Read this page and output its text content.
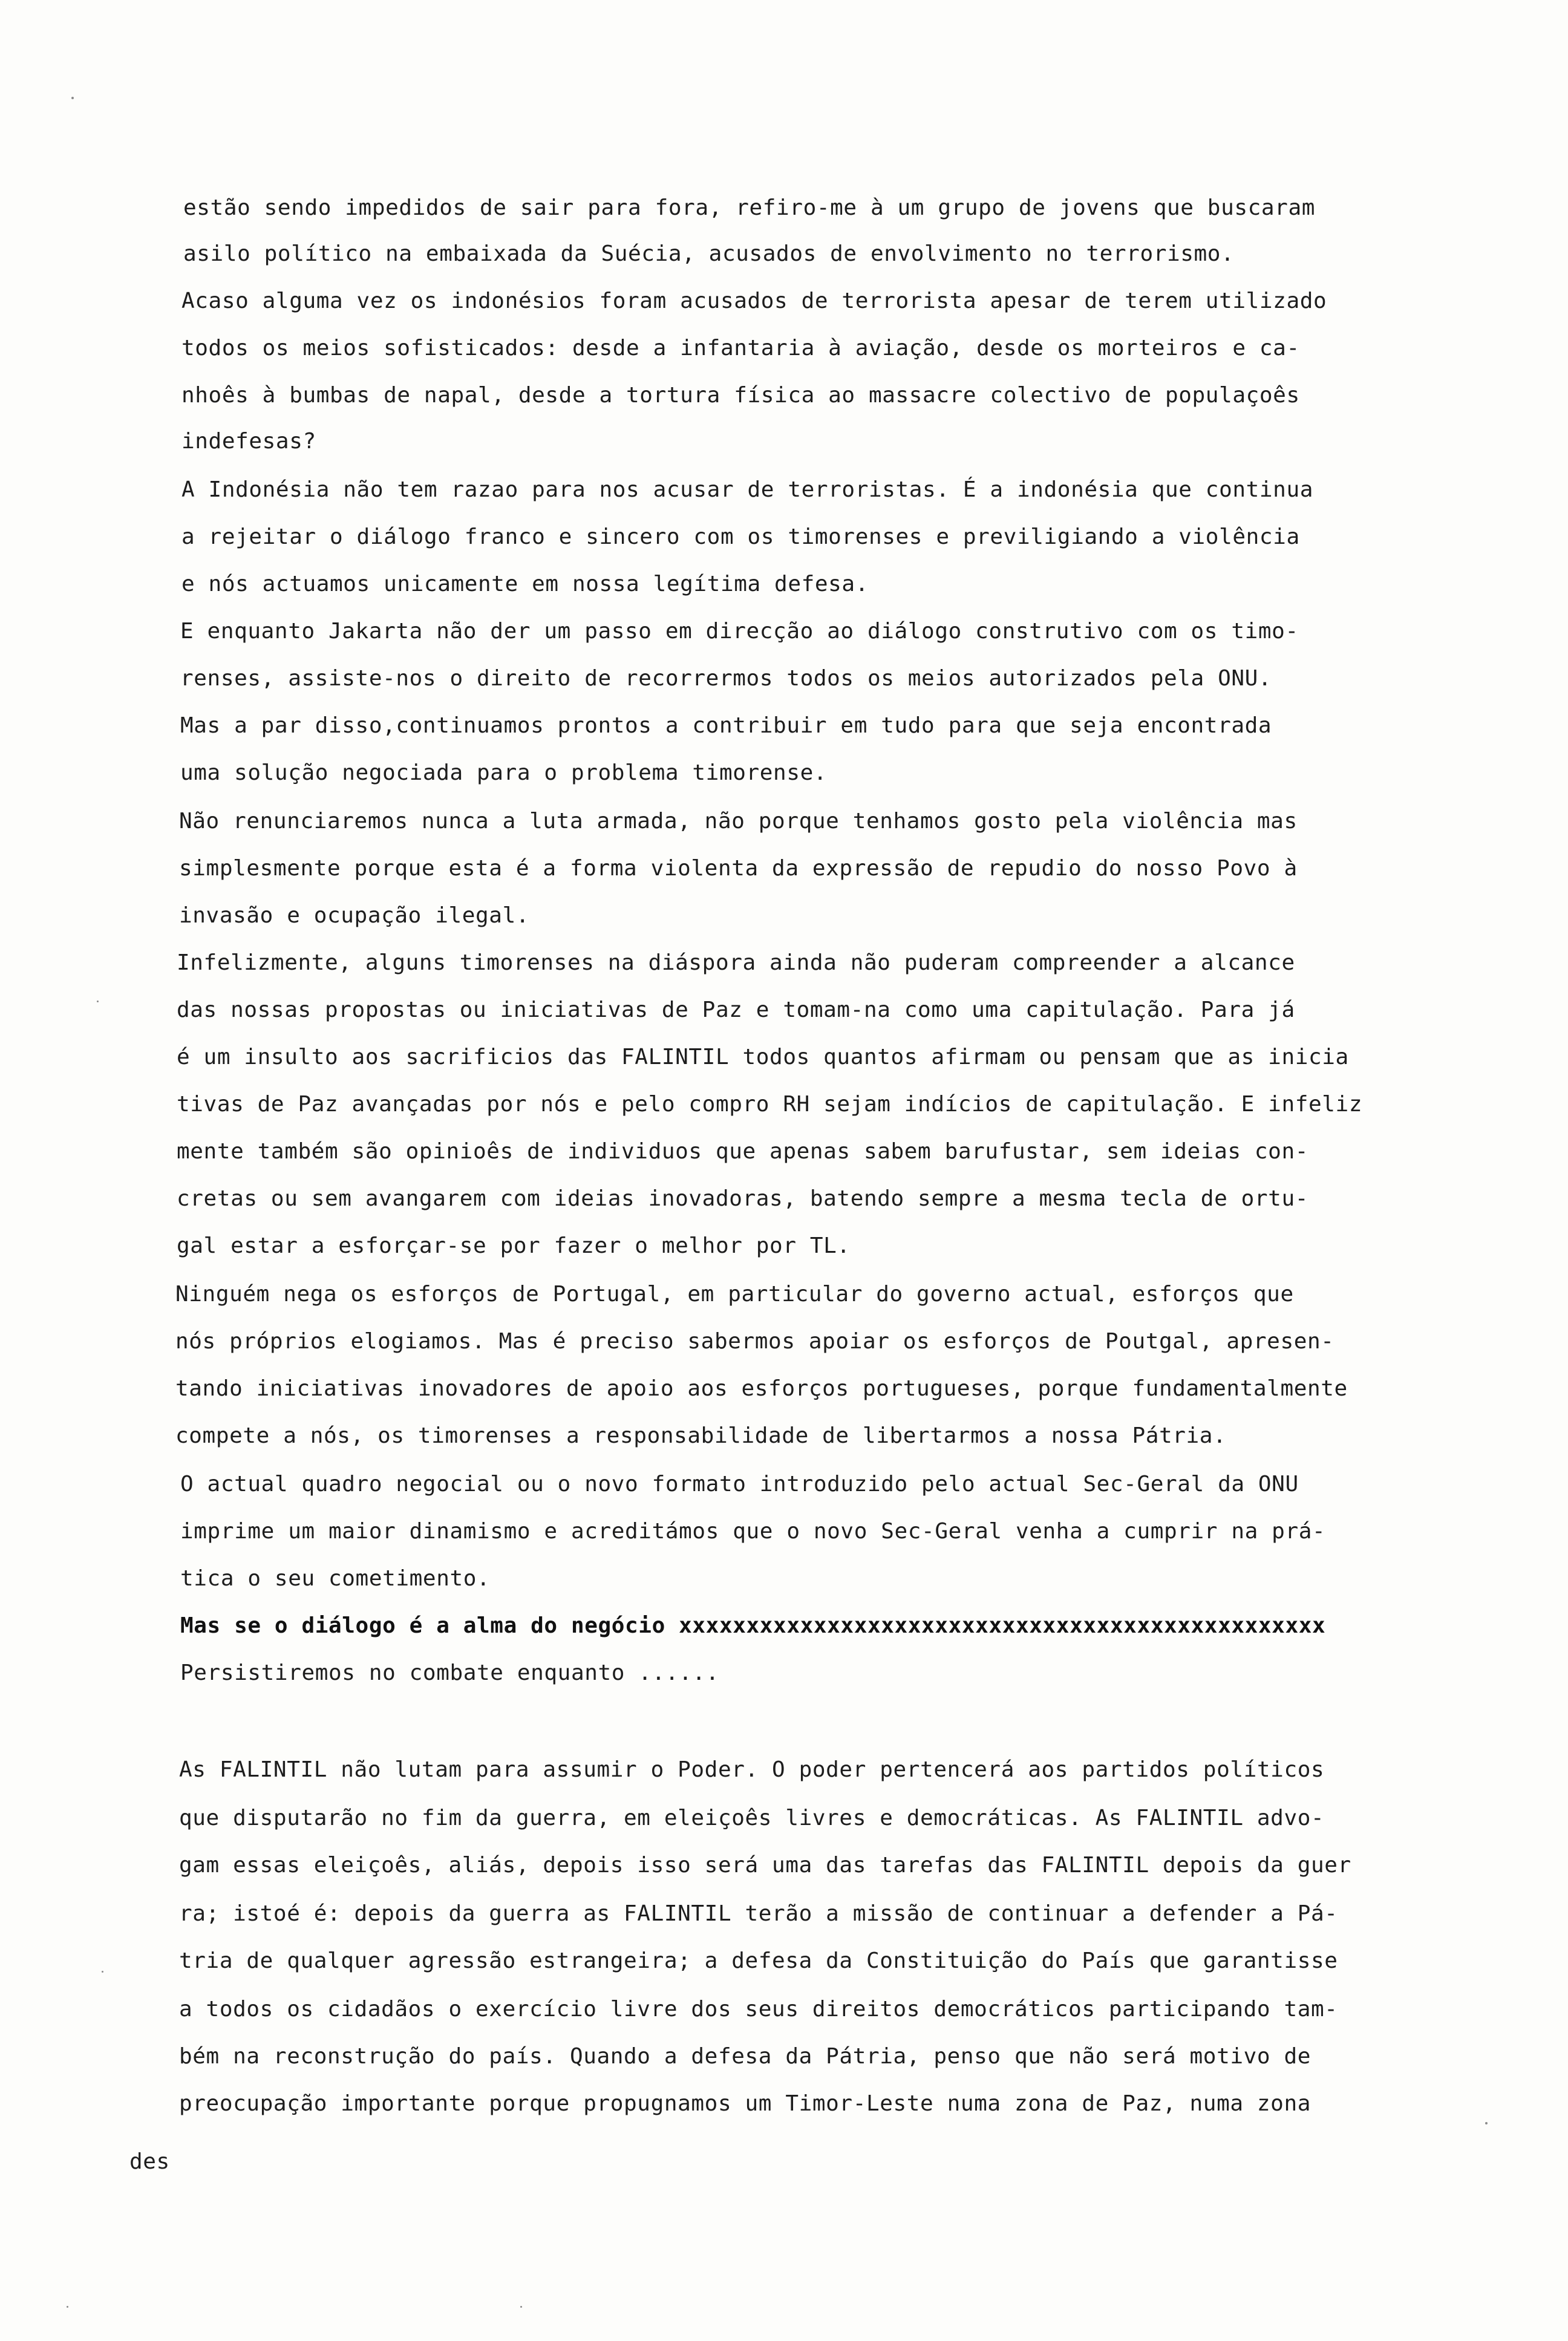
estão sendo impedidos de sair para fora, refiro-me à um grupo de jovens que buscaram
asilo político na embaixada da Suécia, acusados de envolvimento no terrorismo.
Acaso alguma vez os indonésios foram acusados de terrorista apesar de terem utilizado
todos os meios sofisticados: desde a infantaria à aviação, desde os morteiros e ca-
nhoês à bumbas de napal, desde a tortura física ao massacre colectivo de populaçoês
indefesas?
A Indonésia não tem razao para nos acusar de terroristas. É a indonésia que continua
a rejeitar o diálogo franco e sincero com os timorenses e previligiando a violência
e nós actuamos unicamente em nossa legítima defesa.
E enquanto Jakarta não der um passo em direcção ao diálogo construtivo com os timo-
renses, assiste-nos o direito de recorrermos todos os meios autorizados pela ONU.
Mas a par disso,continuamos prontos a contribuir em tudo para que seja encontrada
uma solução negociada para o problema timorense.
Não renunciaremos nunca a luta armada, não porque tenhamos gosto pela violência mas
simplesmente porque esta é a forma violenta da expressão de repudio do nosso Povo à
invasão e ocupação ilegal.
Infelizmente, alguns timorenses na diáspora ainda não puderam compreender a alcance
das nossas propostas ou iniciativas de Paz e tomam-na como uma capitulação. Para já
é um insulto aos sacrificios das FALINTIL todos quantos afirmam ou pensam que as inicia
tivas de Paz avançadas por nós e pelo compro RH sejam indícios de capitulação. E infeliz
mente também são opinioês de individuos que apenas sabem barufustar, sem ideias con-
cretas ou sem avangarem com ideias inovadoras, batendo sempre a mesma tecla de ortu-
gal estar a esforçar-se por fazer o melhor por TL.
Ninguém nega os esforços de Portugal, em particular do governo actual, esforços que
nós próprios elogiamos. Mas é preciso sabermos apoiar os esforços de Poutgal, apresen-
tando iniciativas inovadores de apoio aos esforços portugueses, porque fundamentalmente
compete a nós, os timorenses a responsabilidade de libertarmos a nossa Pátria.
O actual quadro negocial ou o novo formato introduzido pelo actual Sec-Geral da ONU
imprime um maior dinamismo e acreditámos que o novo Sec-Geral venha a cumprir na prá-
tica o seu cometimento.
Mas se o diálogo é a alma do negócio xxxxxxxxxxxxxxxxxxxxxxxxxxxxxxxxxxxxxxxxxxxxxxxx
Persistiremos no combate enquanto ......
As FALINTIL não lutam para assumir o Poder. O poder pertencerá aos partidos políticos
que disputarão no fim da guerra, em eleiçoês livres e democráticas. As FALINTIL advo-
gam essas eleiçoês, aliás, depois isso será uma das tarefas das FALINTIL depois da guer
ra; istoé é: depois da guerra as FALINTIL terão a missão de continuar a defender a Pá-
tria de qualquer agressão estrangeira; a defesa da Constituição do País que garantisse
a todos os cidadãos o exercício livre dos seus direitos democráticos participando tam-
bém na reconstrução do país. Quando a defesa da Pátria, penso que não será motivo de
preocupação importante porque propugnamos um Timor-Leste numa zona de Paz, numa zona
des
